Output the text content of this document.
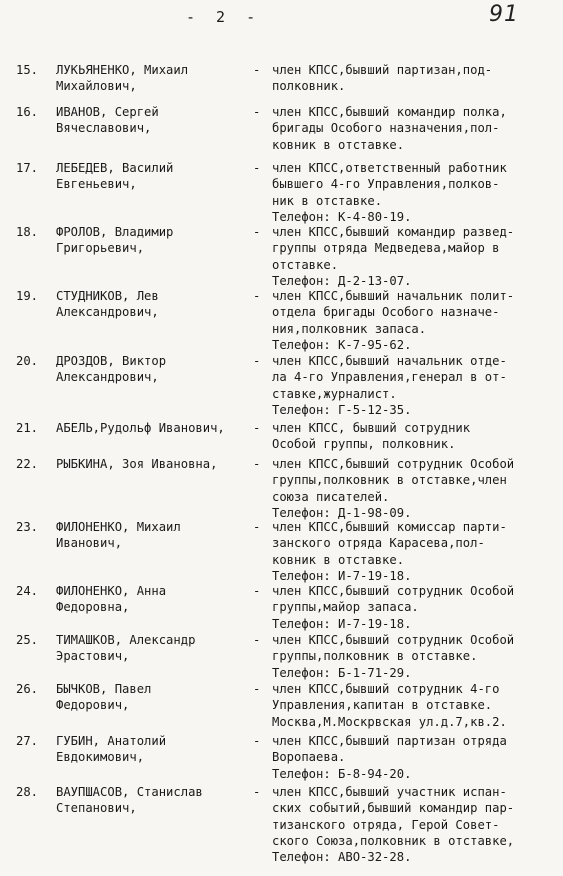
- 2 -	91
15. ЛУКЬЯНЕНКО, Михаил
Михайлович,
- член КПСС,бывший партизан,под-
полковник.
16. ИВАНОВ, Сергей
Вячеславович,
- член КПСС,бывший командир полка,
бригады Особого назначения,пол-
ковник в отставке.
17. ЛЕБЕДЕВ, Василий
Евгеньевич,
- член КПСС,ответственный работник
бывшего 4-го Управления,полков-
ник в отставке.
Телефон: К-4-80-19.
18. ФРОЛОВ, Владимир
Григорьевич,
- член КПСС,бывший командир развед-
группы отряда Медведева,майор в
отставке.
Телефон: Д-2-13-07.
19. СТУДНИКОВ, Лев
Александрович,
- член КПСС,бывший начальник полит-
отдела бригады Особого назначе-
ния,полковник запаса.
Телефон: К-7-95-62.
20. ДРОЗДОВ, Виктор
Александрович,
- член КПСС,бывший начальник отде-
ла 4-го Управления,генерал в от-
ставке,журналист.
Телефон: Г-5-12-35.
21. АБЕЛЬ,Рудольф Иванович, - член КПСС, бывший сотрудник
Особой группы, полковник.
22. РЫБКИНА, Зоя Ивановна,	- член КПСС,бывший сотрудник Особой
группы,полковник в отставке,член
союза писателей.
Телефон: Д-1-98-09.
23. ФИЛОНЕНКО, Михаил
Иванович,
- член КПСС,бывший комиссар парти-
занского отряда Карасева,пол-
ковник в отставке.
Телефон: И-7-19-18.
24. ФИЛОНЕНКО, Анна
Федоровна,
- член КПСС,бывший сотрудник Особой
группы,майор запаса.
Телефон: И-7-19-18.
25. ТИМАШКОВ, Александр
Эрастович,
- член КПСС,бывший сотрудник Особой
группы,полковник в отставке.
Телефон: Б-1-71-29.
26. БЫЧКОВ, Павел
Федорович,
- член КПСС,бывший сотрудник 4-го
Управления,капитан в отставке.
Москва,М.Москрвская ул.д.7,кв.2.
27. ГУБИН, Анатолий
Евдокимович,
- член КПСС,бывший партизан отряда
Воропаева.
Телефон: Б-8-94-20.
28. ВАУПШАСОВ, Станислав
Степанович,
- член КПСС,бывший участник испан-
ских событий,бывший командир пар-
тизанского отряда, Герой Совет-
ского Союза,полковник в отставке,
Телефон: АВО-32-28.
